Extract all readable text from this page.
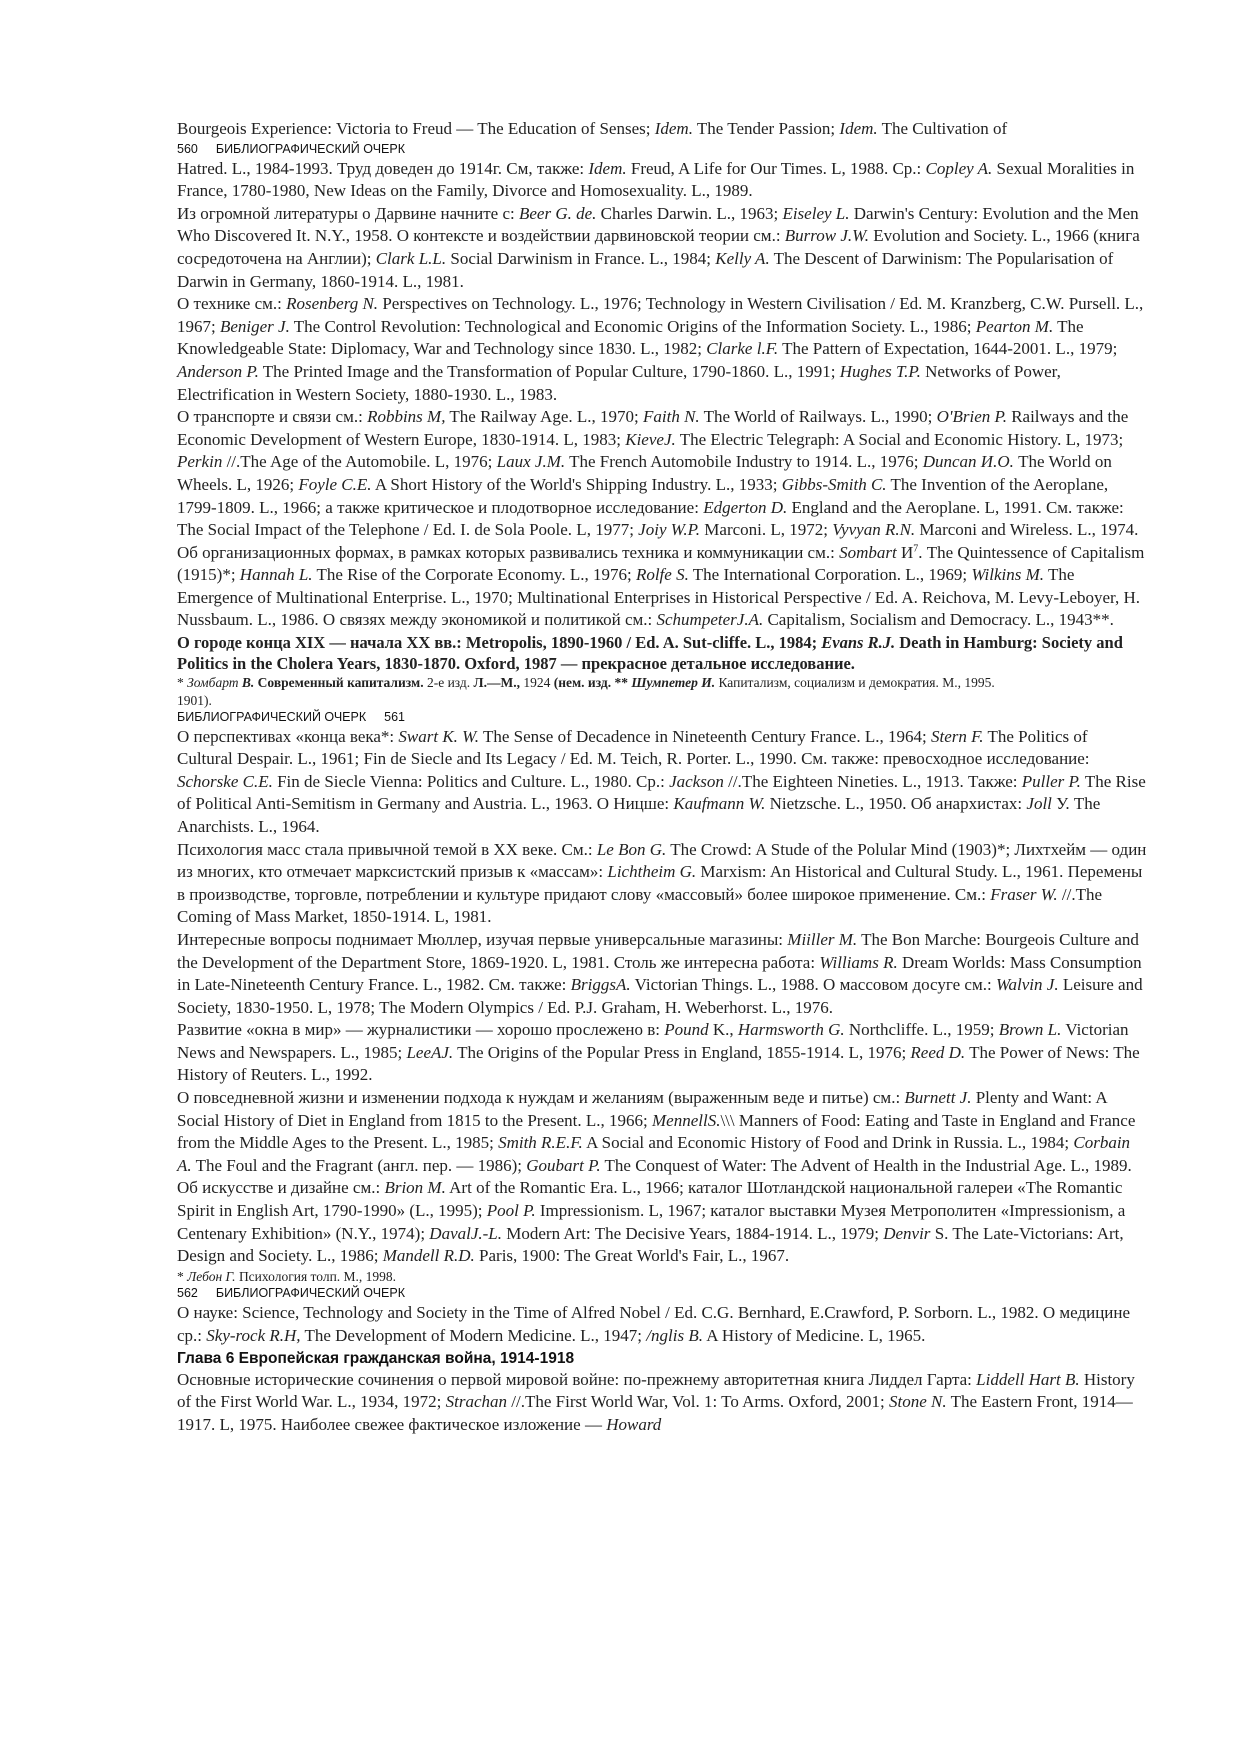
Bourgeois Experience: Victoria to Freud — The Education of Senses; Idem. The Tender Passion; Idem. The Cultivation of

560 БИБЛИОГРАФИЧЕСКИЙ ОЧЕРК

Hatred. L., 1984-1993. Труд доведен до 1914г. См, также: Idem. Freud, A Life for Our Times. L, 1988. Ср.: Copley A. Sexual Moralities in France, 1780-1980, New Ideas on the Family, Divorce and Homosexuality. L., 1989.

Из огромной литературы о Дарвине начните с: Beer G. de. Charles Darwin. L., 1963; Eiseley L. Darwin's Century: Evolution and the Men Who Discovered It. N.Y., 1958. О контексте и воздействии дарвиновской теории см.: Burrow J.W. Evolution and Society. L., 1966 (книга сосредоточена на Англии); Clark L.L. Social Darwinism in France. L., 1984; Kelly A. The Descent of Darwinism: The Popularisation of Darwin in Germany, 1860-1914. L., 1981.

О технике см.: Rosenberg N. Perspectives on Technology. L., 1976; Technology in Western Civilisation / Ed. M. Kranzberg, C.W. Pursell. L., 1967; Beniger J. The Control Revolution: Technological and Economic Origins of the Information Society. L., 1986; Pearton M. The Knowledgeable State: Diplomacy, War and Technology since 1830. L., 1982; Clarke l.F. The Pattern of Expectation, 1644-2001. L., 1979; Anderson P. The Printed Image and the Transformation of Popular Culture, 1790-1860. L., 1991; Hughes T.P. Networks of Power, Electrification in Western Society, 1880-1930. L., 1983.

О транспорте и связи см.: Robbins M, The Railway Age. L., 1970; Faith N. The World of Railways. L., 1990; O'Brien P. Railways and the Economic Development of Western Europe, 1830-1914. L, 1983; KieveJ. The Electric Telegraph: A Social and Economic History. L, 1973; Perkin //.The Age of the Automobile. L, 1976; Laux J.M. The French Automobile Industry to 1914. L., 1976; Duncan И.О. The World on Wheels. L, 1926; Foyle C.E. A Short History of the World's Shipping Industry. L., 1933; Gibbs-Smith C. The Invention of the Aeroplane, 1799-1809. L., 1966; а также критическое и плодотворное исследование: Edgerton D. England and the Aeroplane. L, 1991. См. также: The Social Impact of the Telephone / Ed. I. de Sola Poole. L, 1977; Joiy W.P. Marconi. L, 1972; Vyvyan R.N. Marconi and Wireless. L., 1974.

Об организационных формах, в рамках которых развивались техника и коммуникации см.: Sombart $И^7$. The Quintessence of Capitalism (1915)*; Hannah L. The Rise of the Corporate Economy. L., 1976; Rolfe S. The International Corporation. L., 1969; Wilkins M. The Emergence of Multinational Enterprise. L., 1970; Multinational Enterprises in Historical Perspective / Ed. A. Reichova, M. Levy-Leboyer, H. Nussbaum. L., 1986. О связях между экономикой и политикой см.: SchumpeterJ.A. Capitalism, Socialism and Democracy. L., 1943**.

О городе конца XIX — начала XX вв.: Metropolis, 1890-1960 / Ed. A. Sut-cliffe. L., 1984; Evans R.J. Death in Hamburg: Society and Politics in the Cholera Years, 1830-1870. Oxford, 1987 — прекрасное детальное исследование.

* Зомбарт В. Современный капитализм. 2-е изд. Л.—М., 1924 (нем. изд. ** Шумпетер И. Капитализм, социализм и демократия. М., 1995.

1901).

БИБЛИОГРАФИЧЕСКИЙ ОЧЕРК 561

О перспективах «конца века*: Swart K. W. The Sense of Decadence in Nineteenth Century France. L., 1964; Stern F. The Politics of Cultural Despair. L., 1961; Fin de Siecle and Its Legacy / Ed. M. Teich, R. Porter. L., 1990. См. также: превосходное исследование: Schorske C.E. Fin de Siecle Vienna: Politics and Culture. L., 1980. Ср.: Jackson //.The Eighteen Nineties. L., 1913. Также: Puller P. The Rise of Political Anti-Semitism in Germany and Austria. L., 1963. О Ницше: Kaufmann W. Nietzsche. L., 1950. Об анархистах: Joll У. The Anarchists. L., 1964.

Психология масс стала привычной темой в XX веке. См.: Le Bon G. The Crowd: A Stude of the Polular Mind (1903)*; Лихтхейм — один из многих, кто отмечает марксистский призыв к «массам»: Lichtheim G. Marxism: An Historical and Cultural Study. L., 1961. Перемены в производстве, торговле, потреблении и культуре придают слову «массовый» более широкое применение. См.: Fraser W. //.The Coming of Mass Market, 1850-1914. L, 1981.

Интересные вопросы поднимает Мюллер, изучая первые универсальные магазины: Miiller M. The Bon Marche: Bourgeois Culture and the Development of the Department Store, 1869-1920. L, 1981. Столь же интересна работа: Williams R. Dream Worlds: Mass Consumption in Late-Nineteenth Century France. L., 1982. См. также: BriggsA. Victorian Things. L., 1988. О массовом досуге см.: Walvin J. Leisure and Society, 1830-1950. L, 1978; The Modern Olympics / Ed. P.J. Graham, H. Weberhorst. L., 1976.

Развитие «окна в мир» — журналистики — хорошо прослежено в: Pound K., Harmsworth G. Northcliffe. L., 1959; Brown L. Victorian News and Newspapers. L., 1985; LeeAJ. The Origins of the Popular Press in England, 1855-1914. L, 1976; Reed D. The Power of News: The History of Reuters. L., 1992.

О повседневной жизни и изменении подхода к нуждам и желаниям (выраженным веде и питье) см.: Burnett J. Plenty and Want: A Social History of Diet in England from 1815 to the Present. L., 1966; MennellS.\\\ Manners of Food: Eating and Taste in England and France from the Middle Ages to the Present. L., 1985; Smith R.E.F. A Social and Economic History of Food and Drink in Russia. L., 1984; Corbain A. The Foul and the Fragrant (англ. пер. — 1986); Goubart P. The Conquest of Water: The Advent of Health in the Industrial Age. L., 1989.

Об искусстве и дизайне см.: Brion M. Art of the Romantic Era. L., 1966; каталог Шотландской национальной галереи «The Romantic Spirit in English Art, 1790-1990» (L., 1995); Pool P. Impressionism. L, 1967; каталог выставки Музея Метрополитен «Impressionism, a Centenary Exhibition» (N.Y., 1974); DavalJ.-L. Modern Art: The Decisive Years, 1884-1914. L., 1979; Denvir S. The Late-Victorians: Art, Design and Society. L., 1986; Mandell R.D. Paris, 1900: The Great World's Fair, L., 1967.

* Лебон Г. Психология толп. М., 1998.

562 БИБЛИОГРАФИЧЕСКИЙ ОЧЕРК

О науке: Science, Technology and Society in the Time of Alfred Nobel / Ed. C.G. Bernhard, E.Crawford, P. Sorborn. L., 1982. О медицине ср.: Sky-rock R.H, The Development of Modern Medicine. L., 1947; /nglis B. A History of Medicine. L, 1965.

Глава 6 Европейская гражданская война, 1914-1918

Основные исторические сочинения о первой мировой войне: по-прежнему авторитетная книга Лиддел Гарта: Liddell Hart B. History of the First World War. L., 1934, 1972; Strachan //.The First World War, Vol. 1: To Arms. Oxford, 2001; Stone N. The Eastern Front, 1914—1917. L, 1975. Наиболее свежее фактическое изложение — Howard
